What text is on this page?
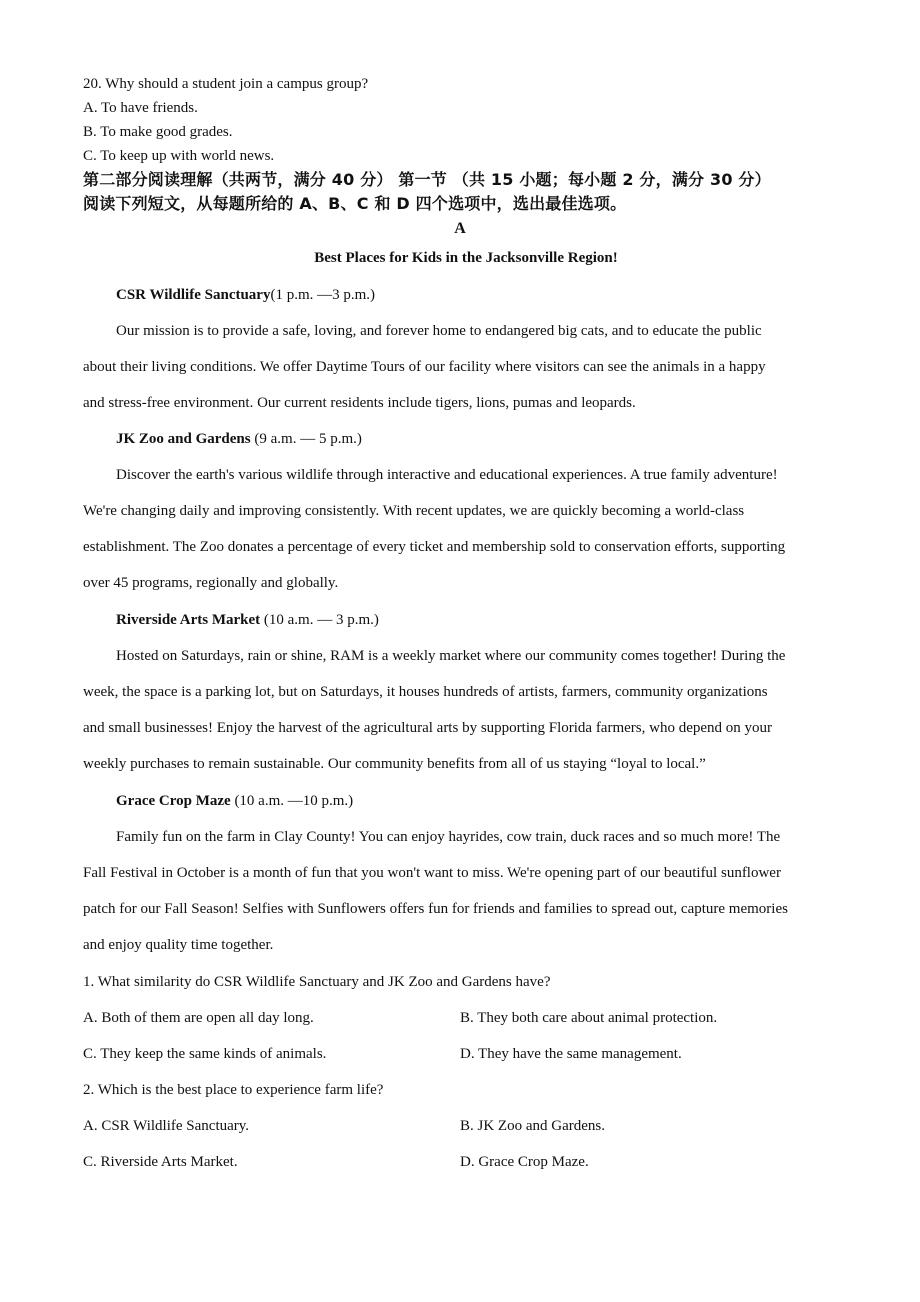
20. Why should a student join a campus group?
A. To have friends.
B. To make good grades.
C. To keep up with world news.
第二部分阅读理解（共两节，满分 40 分） 第一节 （共 15 小题；每小题 2 分，满分 30 分）
阅读下列短文，从每题所给的 A、B、C 和 D 四个选项中，选出最佳选项。
A
Best Places for Kids in the Jacksonville Region!
CSR Wildlife Sanctuary(1 p.m. —3 p.m.)
Our mission is to provide a safe, loving, and forever home to endangered big cats, and to educate the public
about their living conditions. We offer Daytime Tours of our facility where visitors can see the animals in a happy
and stress-free environment. Our current residents include tigers, lions, pumas and leopards.
JK Zoo and Gardens (9 a.m. — 5 p.m.)
Discover the earth's various wildlife through interactive and educational experiences. A true family adventure!
We're changing daily and improving consistently. With recent updates, we are quickly becoming a world-class
establishment. The Zoo donates a percentage of every ticket and membership sold to conservation efforts, supporting
over 45 programs, regionally and globally.
Riverside Arts Market (10 a.m. — 3 p.m.)
Hosted on Saturdays, rain or shine, RAM is a weekly market where our community comes together! During the
week, the space is a parking lot, but on Saturdays, it houses hundreds of artists, farmers, community organizations
and small businesses! Enjoy the harvest of the agricultural arts by supporting Florida farmers, who depend on your
weekly purchases to remain sustainable. Our community benefits from all of us staying “loyal to local.”
Grace Crop Maze (10 a.m. —10 p.m.)
Family fun on the farm in Clay County! You can enjoy hayrides, cow train, duck races and so much more! The
Fall Festival in October is a month of fun that you won't want to miss. We're opening part of our beautiful sunflower
patch for our Fall Season! Selfies with Sunflowers offers fun for friends and families to spread out, capture memories
and enjoy quality time together.
1. What similarity do CSR Wildlife Sanctuary and JK Zoo and Gardens have?
A. Both of them are open all day long.	B. They both care about animal protection.
C. They keep the same kinds of animals.	D. They have the same management.
2. Which is the best place to experience farm life?
A. CSR Wildlife Sanctuary.	B. JK Zoo and Gardens.
C. Riverside Arts Market.	D. Grace Crop Maze.
